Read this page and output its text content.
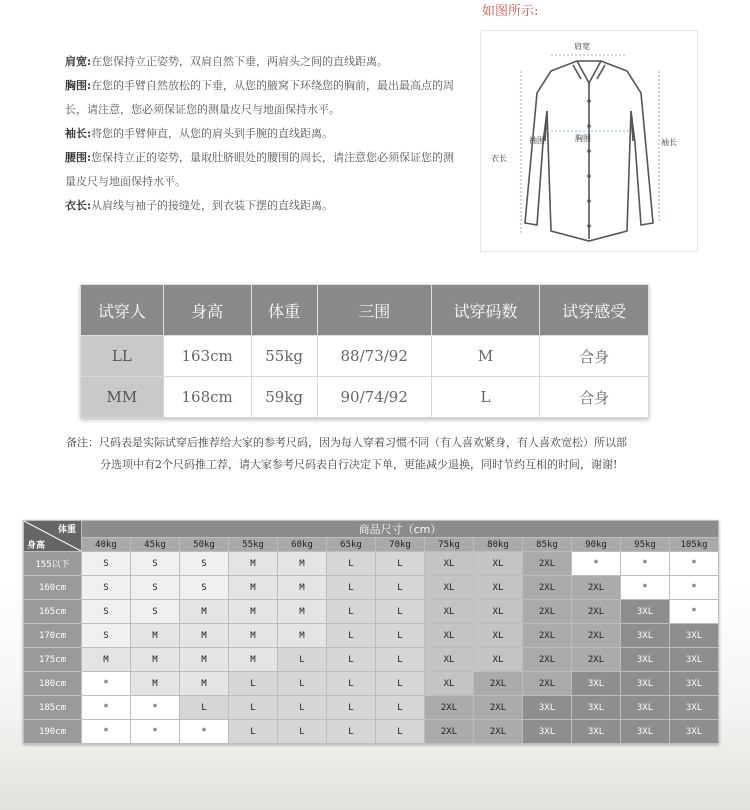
如图所示:
肩宽:在您保持立正姿势，双肩自然下垂，两肩头之间的直线距离。
胸围:在您的手臂自然放松的下垂，从您的腋窝下环绕您的胸前，最出最高点的周长，请注意，您必须保证您的测量皮尺与地面保持水平。
袖长:将您的手臂伸直，从您的肩头到手腕的直线距离。
腰围:您保持立正的姿势，量取肚脐眼处的腰围的周长，请注意您必须保证您的测量皮尺与地面保持水平。
衣长:从肩线与袖子的接缝处，到衣装下摆的直线距离。
肩宽
胸围
袖围	袖长
衣长
试穿人	身高	体重	三围	试穿码数	试穿感受
LL	163cm	55kg	88/73/92	M	合身
MM	168cm	59kg	90/74/92	L	合身
备注：尺码表是实际试穿后推荐给大家的参考尺码，因为每人穿着习惯不同（有人喜欢紧身，有人喜欢宽松）所以部
分选项中有2个尺码推工荐，请大家参考尺码表自行决定下单，更能减少退换，同时节约互相的时间，谢谢!
体重
身高	商品尺寸（cm）												
	40kg	45kg	50kg	55kg	60kg	65kg	70kg	75kg	80kg	85kg	90kg	95kg	105kg
155以下	S	S	S	M	M	L	L	XL	XL	2XL	*	*	*
160cm	S	S	S	M	M	L	L	XL	XL	2XL	2XL	*	*
165cm	S	S	M	M	M	L	L	XL	XL	2XL	2XL	3XL	*
170cm	S	M	M	M	M	L	L	XL	XL	2XL	2XL	3XL	3XL
175cm	M	M	M	M	L	L	L	XL	XL	2XL	2XL	3XL	3XL
180cm	*	M	M	L	L	L	L	XL	2XL	2XL	3XL	3XL	3XL
185cm	*	*	L	L	L	L	L	2XL	2XL	3XL	3XL	3XL	3XL
190cm	*	*	*	L	L	L	L	2XL	2XL	3XL	3XL	3XL	3XL
